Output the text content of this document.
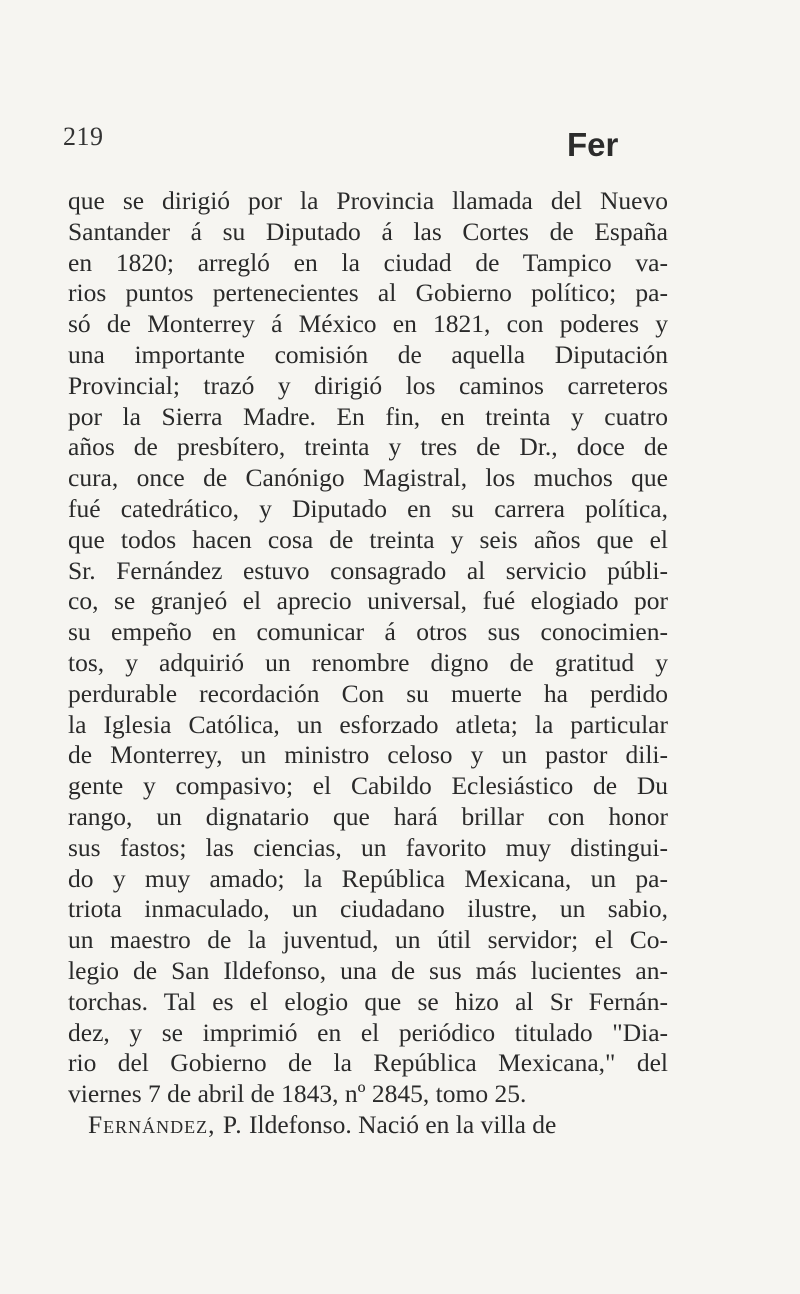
219	Fer
que se dirigió por la Provincia llamada del Nuevo
Santander á su Diputado á las Cortes de España
en 1820; arregló en la ciudad de Tampico va-
rios puntos pertenecientes al Gobierno político; pa-
só de Monterrey á México en 1821, con poderes y
una importante comisión de aquella Diputación
Provincial; trazó y dirigió los caminos carreteros
por la Sierra Madre. En fin, en treinta y cuatro
años de presbítero, treinta y tres de Dr., doce de
cura, once de Canónigo Magistral, los muchos que
fué catedrático, y Diputado en su carrera política,
que todos hacen cosa de treinta y seis años que el
Sr. Fernández estuvo consagrado al servicio públi-
co, se granjeó el aprecio universal, fué elogiado por
su empeño en comunicar á otros sus conocimien-
tos, y adquirió un renombre digno de gratitud y
perdurable recordación Con su muerte ha perdido
la Iglesia Católica, un esforzado atleta; la particular
de Monterrey, un ministro celoso y un pastor dili-
gente y compasivo; el Cabildo Eclesiástico de Du
rango, un dignatario que hará brillar con honor
sus fastos; las ciencias, un favorito muy distingui-
do y muy amado; la República Mexicana, un pa-
triota inmaculado, un ciudadano ilustre, un sabio,
un maestro de la juventud, un útil servidor; el Co-
legio de San Ildefonso, una de sus más lucientes an-
torchas. Tal es el elogio que se hizo al Sr Fernán-
dez, y se imprimió en el periódico titulado "Dia-
rio del Gobierno de la República Mexicana," del
viernes 7 de abril de 1843, nº 2845, tomo 25.
Fernández, P. Ildefonso. Nació en la villa de
